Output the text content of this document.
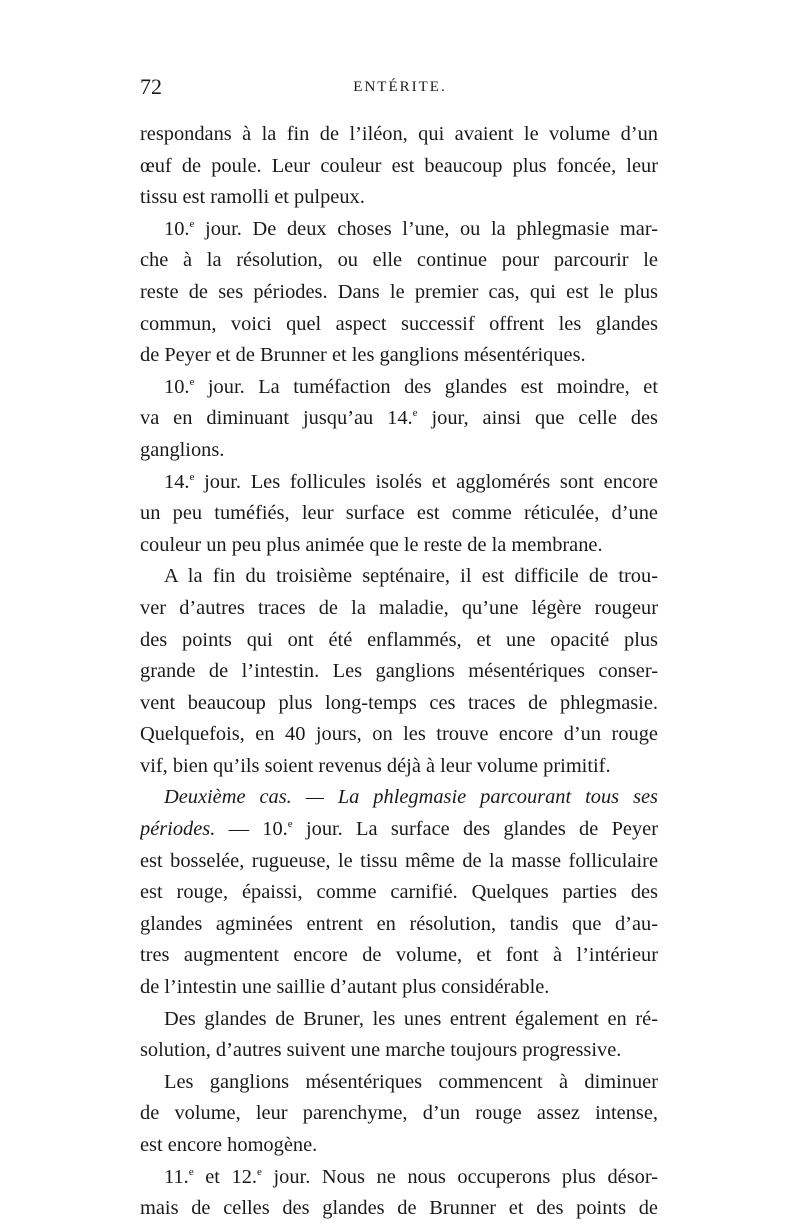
72	ENTÉRITE.
respondans à la fin de l’iléon, qui avaient le volume d’un
œuf de poule. Leur couleur est beaucoup plus foncée, leur
tissu est ramolli et pulpeux.
10.$^e$ jour. De deux choses l’une, ou la phlegmasie mar-
che à la résolution, ou elle continue pour parcourir le
reste de ses périodes. Dans le premier cas, qui est le plus
commun, voici quel aspect successif offrent les glandes
de Peyer et de Brunner et les ganglions mésentériques.
10.$^e$ jour. La tuméfaction des glandes est moindre, et
va en diminuant jusqu’au 14.$^e$ jour, ainsi que celle des
ganglions.
14.$^e$ jour. Les follicules isolés et agglomérés sont encore
un peu tuméfiés, leur surface est comme réticulée, d’une
couleur un peu plus animée que le reste de la membrane.
A la fin du troisième septénaire, il est difficile de trou-
ver d’autres traces de la maladie, qu’une légère rougeur
des points qui ont été enflammés, et une opacité plus
grande de l’intestin. Les ganglions mésentériques conser-
vent beaucoup plus long-temps ces traces de phlegmasie.
Quelquefois, en 40 jours, on les trouve encore d’un rouge
vif, bien qu’ils soient revenus déjà à leur volume primitif.
Deuxième cas. — La phlegmasie parcourant tous ses
périodes. — 10.$^e$ jour. La surface des glandes de Peyer
est bosselée, rugueuse, le tissu même de la masse folliculaire
est rouge, épaissi, comme carnifié. Quelques parties des
glandes agminées entrent en résolution, tandis que d’au-
tres augmentent encore de volume, et font à l’intérieur
de l’intestin une saillie d’autant plus considérable.
Des glandes de Bruner, les unes entrent également en ré-
solution, d’autres suivent une marche toujours progressive.
Les ganglions mésentériques commencent à diminuer
de volume, leur parenchyme, d’un rouge assez intense,
est encore homogène.
11.$^e$ et 12.$^e$ jour. Nous ne nous occuperons plus désor-
mais de celles des glandes de Brunner et des points de
